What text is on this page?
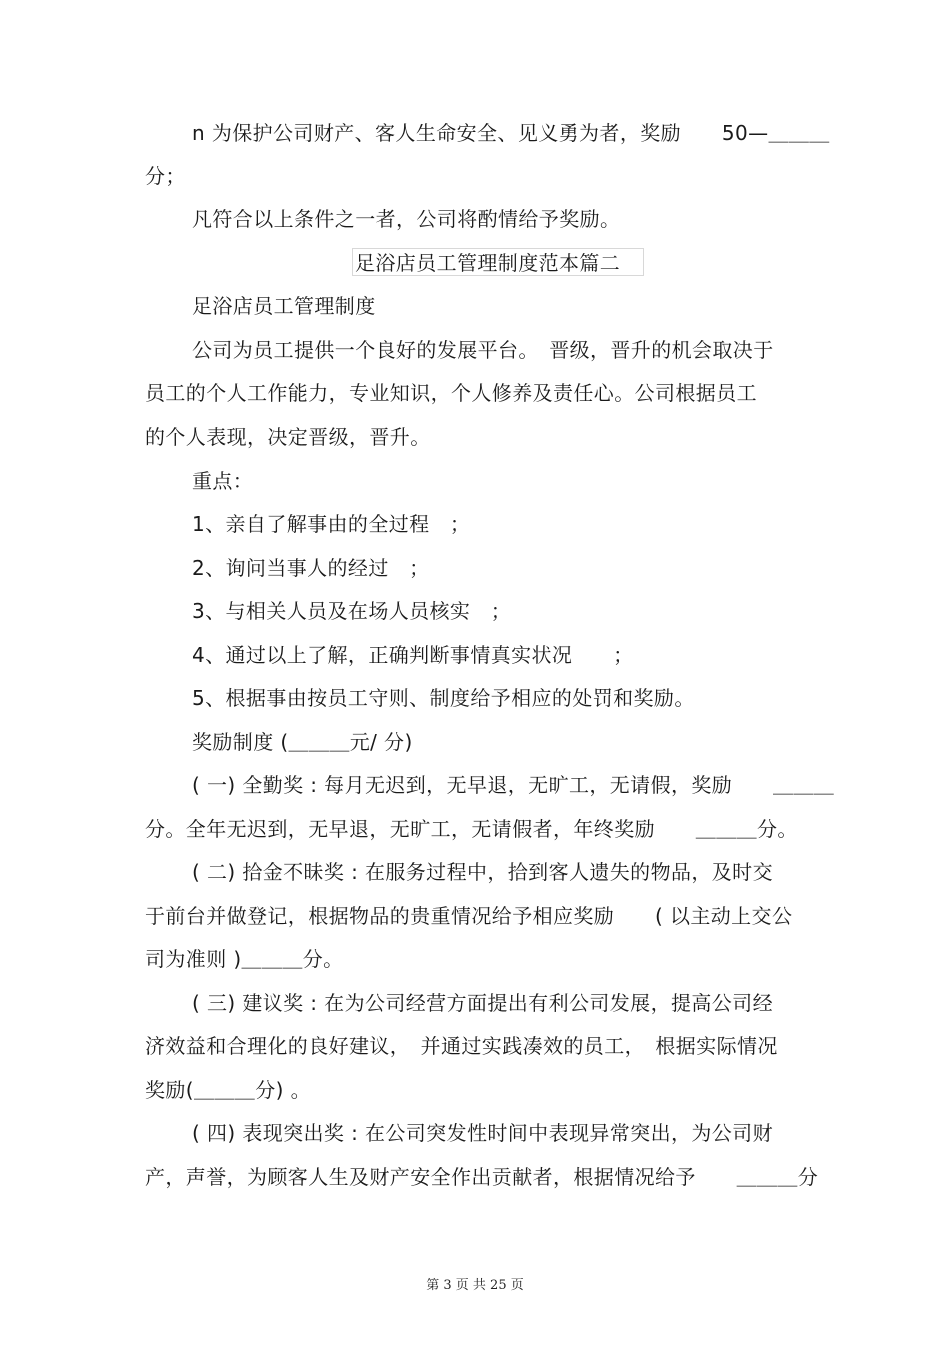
n 为保护公司财产、客人生命安全、见义勇为者，奖励　　50—＿＿＿
分；
凡符合以上条件之一者，公司将酌情给予奖励。
足浴店员工管理制度范本篇二
足浴店员工管理制度
公司为员工提供一个良好的发展平台。　晋级，晋升的机会取决于
员工的个人工作能力，专业知识，个人修养及责任心。公司根据员工
的个人表现，决定晋级，晋升。
重点：
1、亲自了解事由的全过程　；
2、询问当事人的经过　；
3、与相关人员及在场人员核实　；
4、通过以上了解，正确判断事情真实状况　　；
5、根据事由按员工守则、制度给予相应的处罚和奖励。
奖励制度 (＿＿＿元/ 分)
( 一) 全勤奖 : 每月无迟到，无早退，无旷工，无请假，奖励　　＿＿＿
分。全年无迟到，无早退，无旷工，无请假者，年终奖励　　＿＿＿分。
( 二) 拾金不昧奖 : 在服务过程中，拾到客人遗失的物品，及时交
于前台并做登记，根据物品的贵重情况给予相应奖励　　( 以主动上交公
司为准则 )＿＿＿分。
( 三) 建议奖 : 在为公司经营方面提出有利公司发展，提高公司经
济效益和合理化的良好建议，　并通过实践凑效的员工，　根据实际情况
奖励(＿＿＿分) 。
( 四) 表现突出奖 : 在公司突发性时间中表现异常突出，为公司财
产，声誉，为顾客人生及财产安全作出贡献者，根据情况给予　　＿＿＿分
第 3 页 共 25 页
